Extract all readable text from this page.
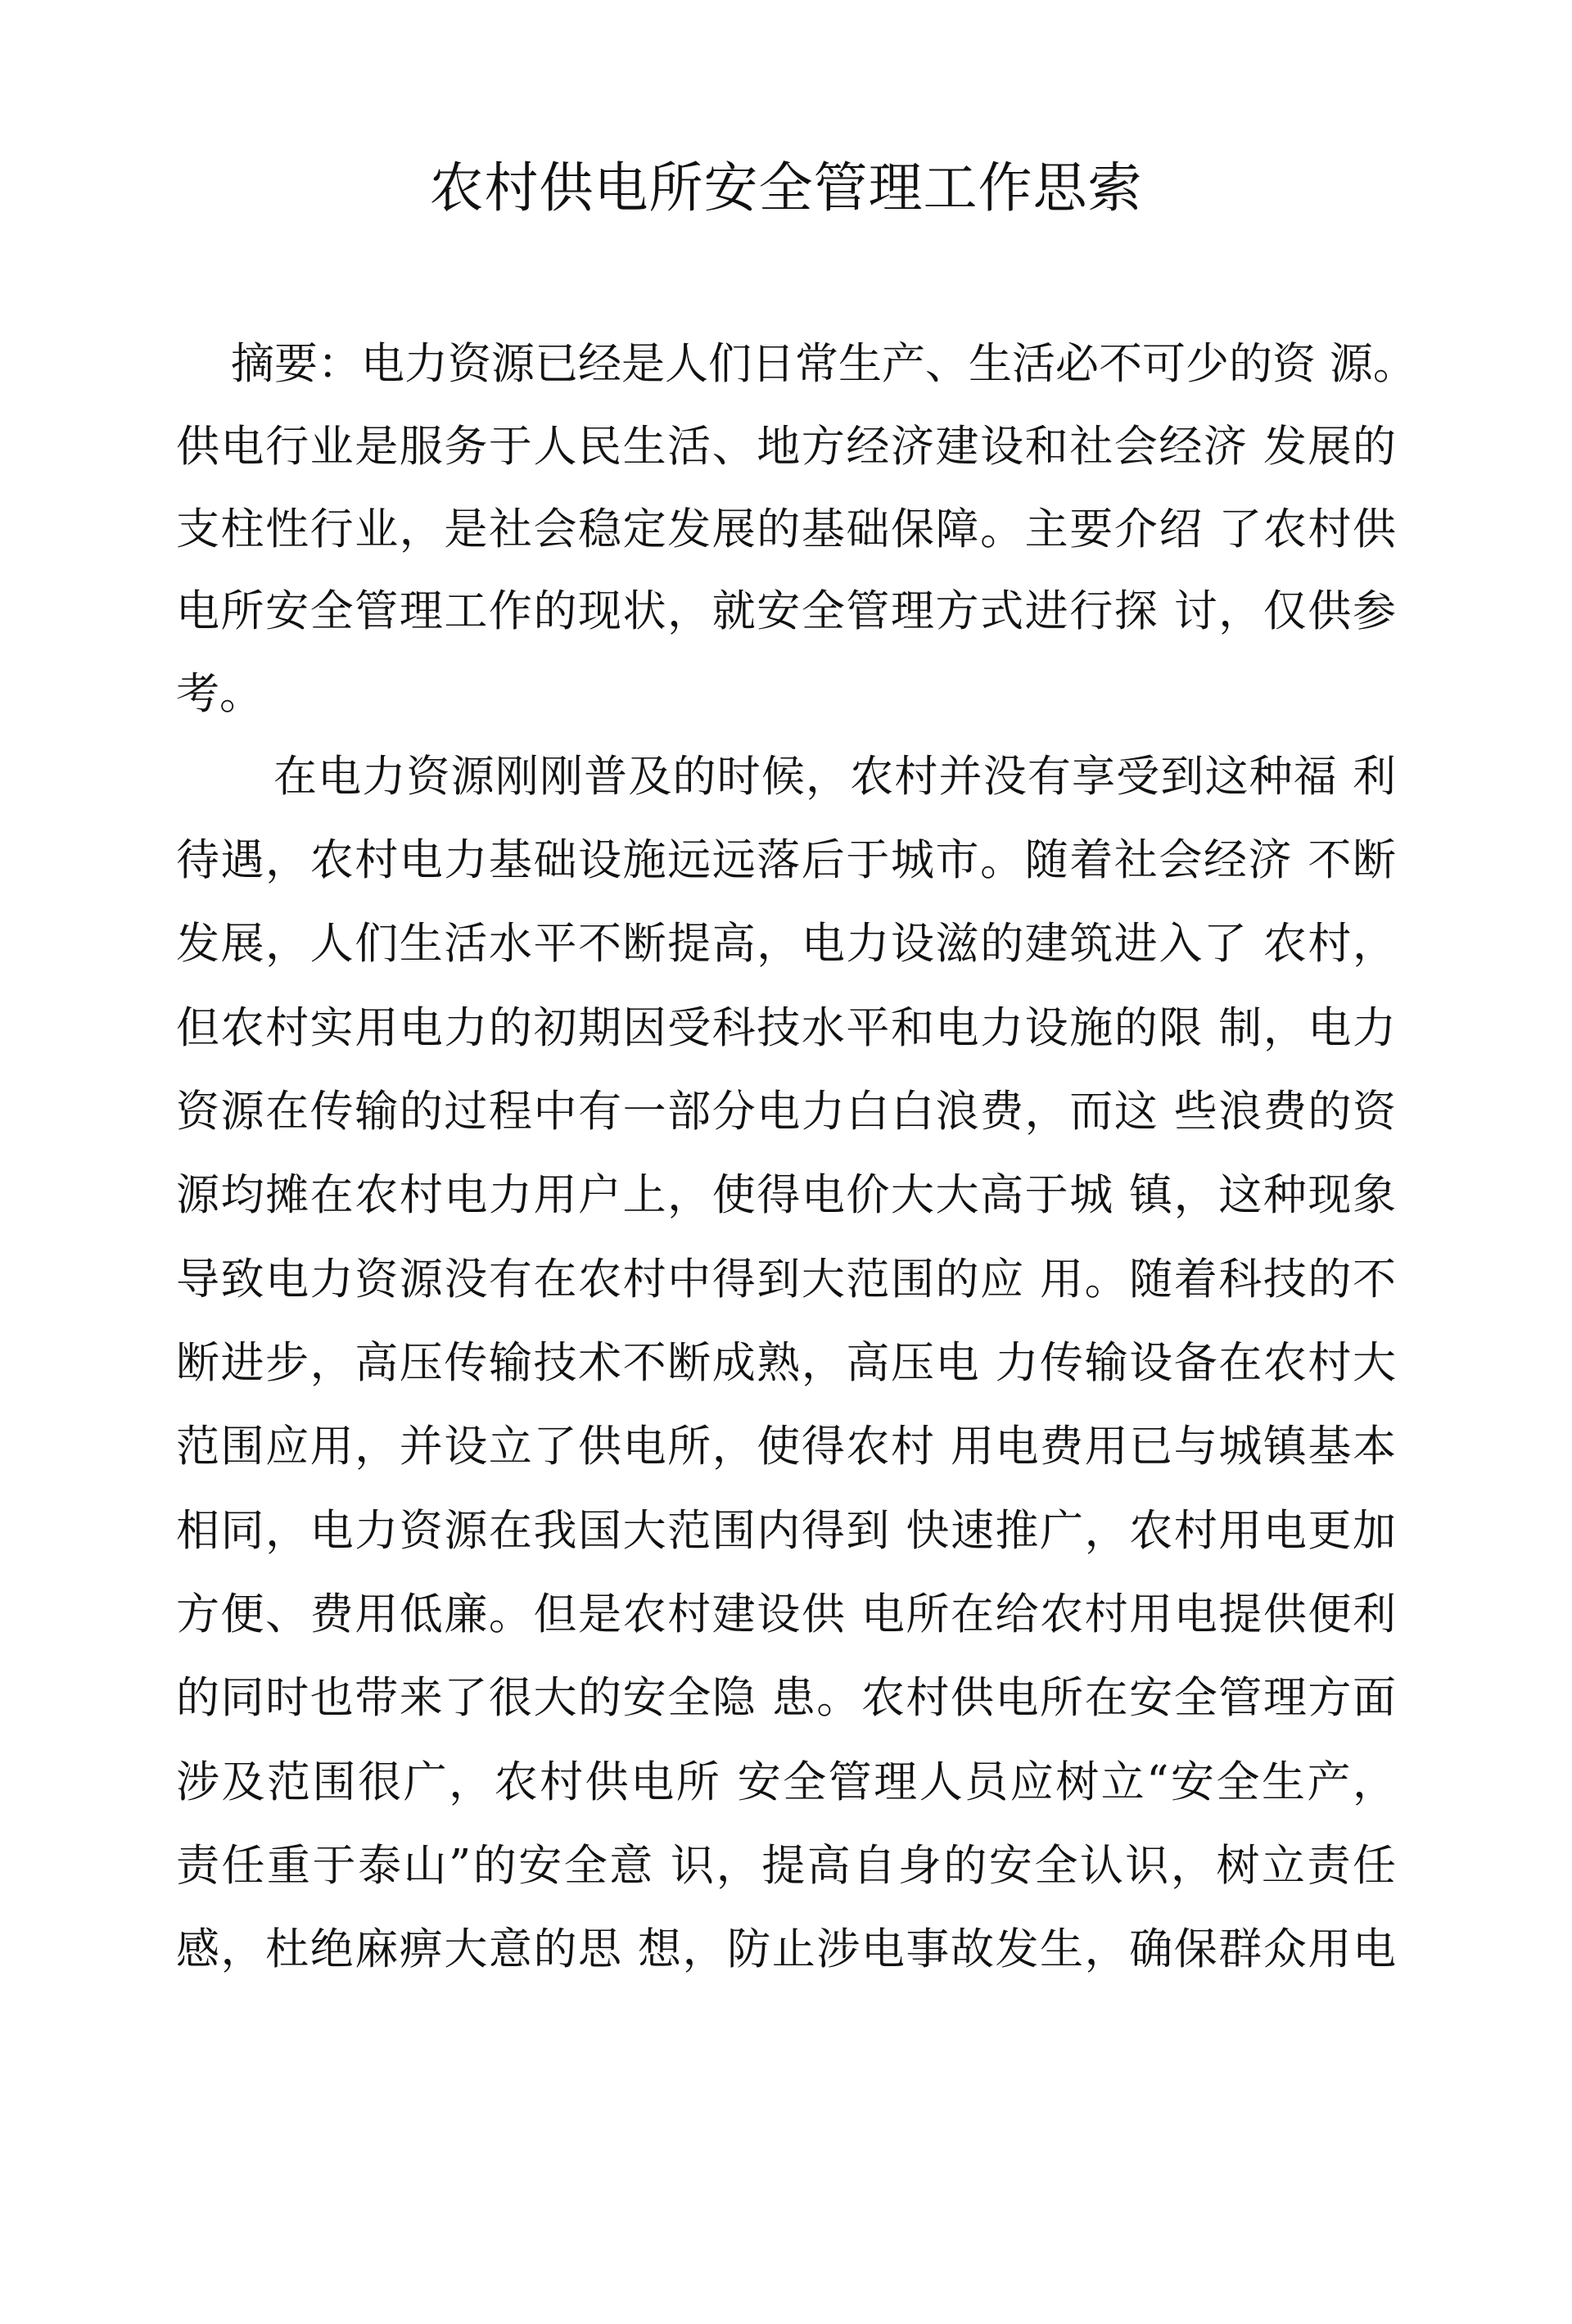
农村供电所安全管理工作思索
摘要：电力资源已经是人们日常生产、生活必不可少的资 源。
供电行业是服务于人民生活、地方经济建设和社会经济 发展的
支柱性行业，是社会稳定发展的基础保障。主要介绍 了农村供
电所安全管理工作的现状，就安全管理方式进行探 讨，仅供参
考。
在电力资源刚刚普及的时候，农村并没有享受到这种福 利
待遇，农村电力基础设施远远落后于城市。随着社会经济 不断
发展，人们生活水平不断提高，电力设滋的建筑进入了 农村，
但农村实用电力的初期因受科技水平和电力设施的限 制，电力
资源在传输的过程中有一部分电力白白浪费，而这 些浪费的资
源均摊在农村电力用户上，使得电价大大高于城 镇，这种现象
导致电力资源没有在农村中得到大范围的应 用。随着科技的不
断进步，高压传输技术不断成熟，高压电 力传输设备在农村大
范围应用，并设立了供电所，使得农村 用电费用已与城镇基本
相同，电力资源在我国大范围内得到 快速推广，农村用电更加
方便、费用低廉。但是农村建设供 电所在给农村用电提供便利
的同时也带来了很大的安全隐 患。农村供电所在安全管理方面
涉及范围很广，农村供电所 安全管理人员应树立“安全生产，
责任重于泰山”的安全意 识，提高自身的安全认识，树立责任
感，杜绝麻痹大意的思 想，防止涉电事故发生，确保群众用电
